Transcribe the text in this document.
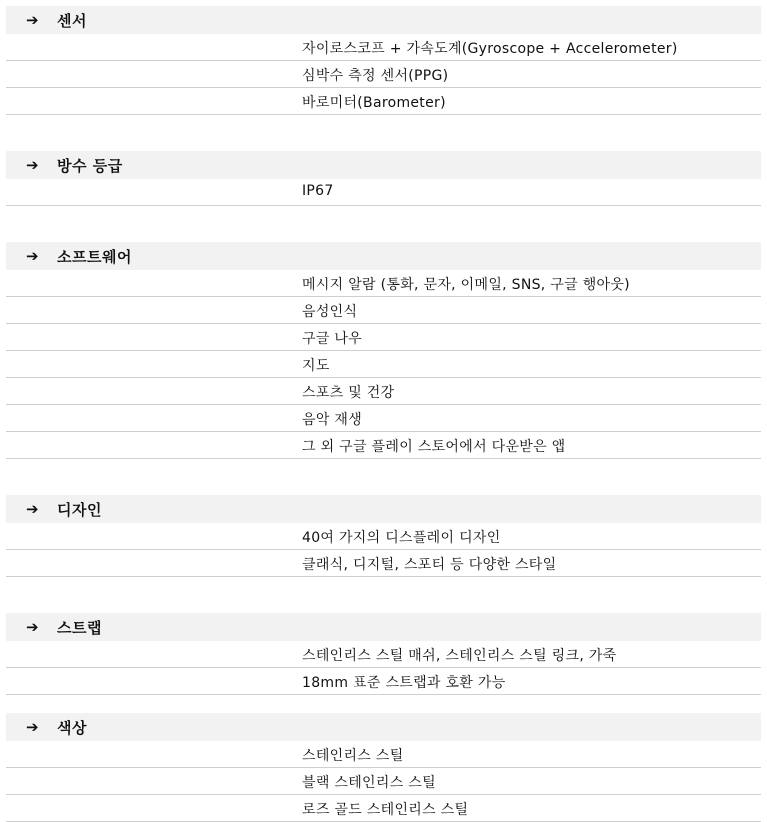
➔ 센서
자이로스코프 + 가속도계(Gyroscope + Accelerometer)
심박수 측정 센서(PPG)
바로미터(Barometer)
➔ 방수 등급
IP67
➔ 소프트웨어
메시지 알람 (통화, 문자, 이메일, SNS, 구글 행아웃)
음성인식
구글 나우
지도
스포츠 및 건강
음악 재생
그 외 구글 플레이 스토어에서 다운받은 앱
➔ 디자인
40여 가지의 디스플레이 디자인
클래식, 디지털, 스포티 등 다양한 스타일
➔ 스트랩
스테인리스 스틸 매쉬, 스테인리스 스틸 링크, 가죽
18mm 표준 스트랩과 호환 가능
➔ 색상
스테인리스 스틸
블랙 스테인리스 스틸
로즈 골드 스테인리스 스틸
